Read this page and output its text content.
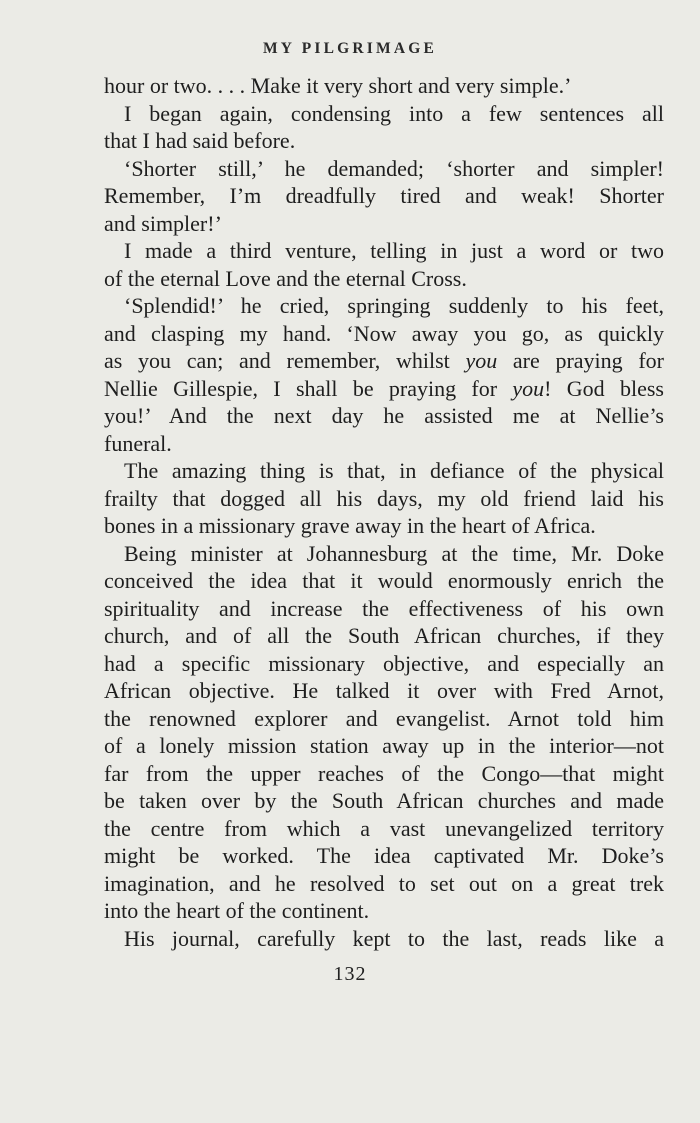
MY PILGRIMAGE
hour or two. . . . Make it very short and very simple.’
I began again, condensing into a few sentences all
that I had said before.
‘Shorter still,’ he demanded; ‘shorter and simpler!
Remember, I’m dreadfully tired and weak! Shorter
and simpler!’
I made a third venture, telling in just a word or two
of the eternal Love and the eternal Cross.
‘Splendid!’ he cried, springing suddenly to his feet,
and clasping my hand. ‘Now away you go, as quickly
as you can; and remember, whilst you are praying for
Nellie Gillespie, I shall be praying for you! God bless
you!’ And the next day he assisted me at Nellie’s
funeral.
The amazing thing is that, in defiance of the physical
frailty that dogged all his days, my old friend laid his
bones in a missionary grave away in the heart of Africa.
Being minister at Johannesburg at the time, Mr. Doke
conceived the idea that it would enormously enrich the
spirituality and increase the effectiveness of his own
church, and of all the South African churches, if they
had a specific missionary objective, and especially an
African objective. He talked it over with Fred Arnot,
the renowned explorer and evangelist. Arnot told him
of a lonely mission station away up in the interior—not
far from the upper reaches of the Congo—that might
be taken over by the South African churches and made
the centre from which a vast unevangelized territory
might be worked. The idea captivated Mr. Doke’s
imagination, and he resolved to set out on a great trek
into the heart of the continent.
His journal, carefully kept to the last, reads like a
132
